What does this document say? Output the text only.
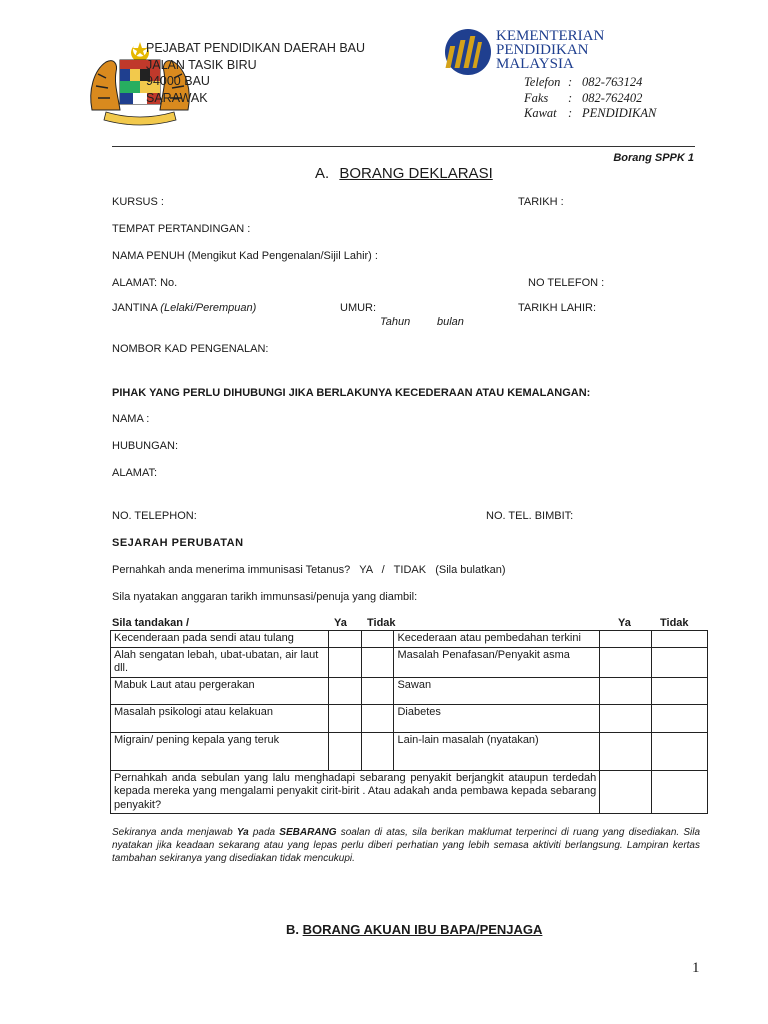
PEJABAT PENDIDIKAN DAERAH BAU
JALAN TASIK BIRU
94000 BAU
SARAWAK
KEMENTERIAN
PENDIDIKAN
MALAYSIA
Telefon : 082-763124
Faks : 082-762402
Kawat : PENDIDIKAN
Borang SPPK 1
A. BORANG DEKLARASI
KURSUS :	TARIKH :
TEMPAT PERTANDINGAN :
NAMA PENUH (Mengikut Kad Pengenalan/Sijil Lahir) :
ALAMAT: No.	NO TELEFON :
JANTINA (Lelaki/Perempuan)	UMUR:
Tahun bulan
TARIKH LAHIR:
NOMBOR KAD PENGENALAN:
PIHAK YANG PERLU DIHUBUNGI JIKA BERLAKUNYA KECEDERAAN ATAU KEMALANGAN:
NAMA :
HUBUNGAN:
ALAMAT:
NO. TELEPHON:	NO. TEL. BIMBIT:
SEJARAH PERUBATAN
Pernahkah anda menerima immunisasi Tetanus?   YA   /   TIDAK   (Sila bulatkan)
Sila nyatakan anggaran tarikh immunsasi/penuja yang diambil:
Sila tandakan /	Ya Tidak	Ya	Tidak
Kecenderaan pada sendi atau tulang			Kecederaan atau pembedahan terkini		
Alah sengatan lebah, ubat-ubatan, air laut dll.			Masalah Penafasan/Penyakit asma		
Mabuk Laut atau pergerakan			Sawan		
Masalah psikologi atau kelakuan			Diabetes		
Migrain/ pening kepala yang teruk			Lain-lain masalah (nyatakan)		
Pernahkah anda sebulan yang lalu menghadapi sebarang penyakit berjangkit ataupun terdedah kepada mereka yang mengalami penyakit cirit-birit . Atau adakah anda pembawa kepada sebarang penyakit?					
Sekiranya anda menjawab Ya pada SEBARANG soalan di atas, sila berikan maklumat terperinci di ruang yang disediakan. Sila nyatakan jika keadaan sekarang atau yang lepas perlu diberi perhatian yang lebih semasa aktiviti berlangsung. Lampiran kertas tambahan sekiranya yang disediakan tidak mencukupi.
B. BORANG AKUAN IBU BAPA/PENJAGA
1
